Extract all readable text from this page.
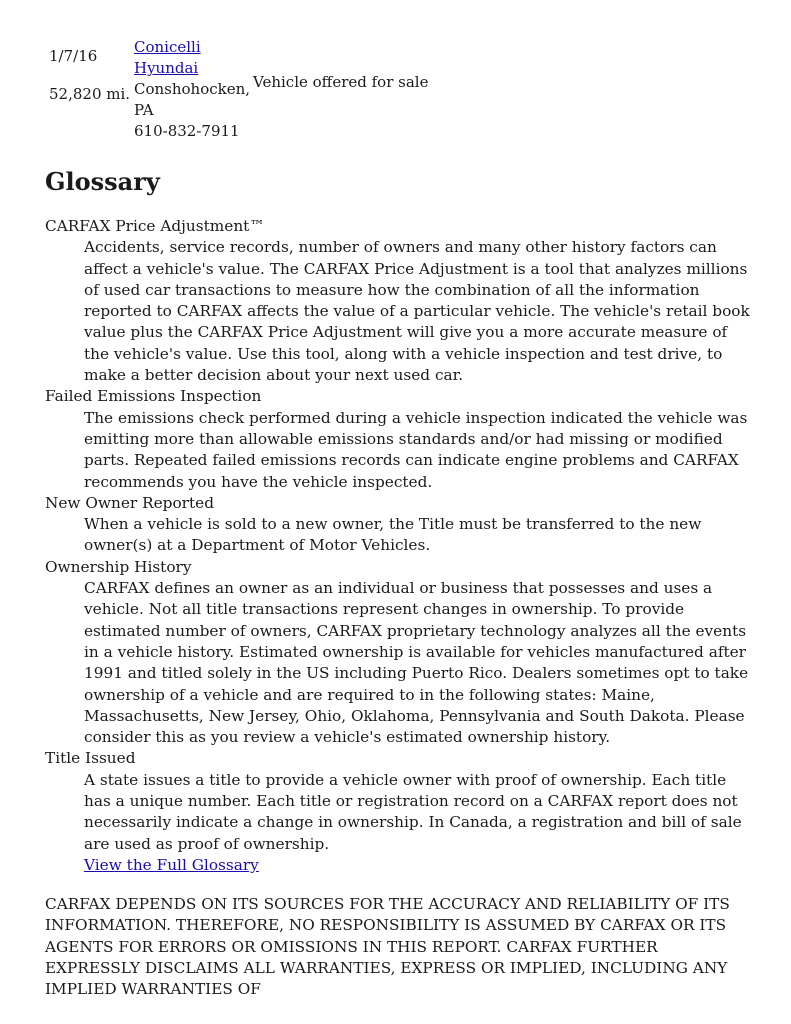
1/7/16
52,820 mi.
Conicelli
Hyundai
Conshohocken,
PA
610-832-7911
Vehicle offered for sale
Glossary
CARFAX Price Adjustment™
Accidents, service records, number of owners and many other history factors can affect a vehicle's value. The CARFAX Price Adjustment is a tool that analyzes millions of used car transactions to measure how the combination of all the information reported to CARFAX affects the value of a particular vehicle. The vehicle's retail book value plus the CARFAX Price Adjustment will give you a more accurate measure of the vehicle's value. Use this tool, along with a vehicle inspection and test drive, to make a better decision about your next used car.
Failed Emissions Inspection
The emissions check performed during a vehicle inspection indicated the vehicle was emitting more than allowable emissions standards and/or had missing or modified parts. Repeated failed emissions records can indicate engine problems and CARFAX recommends you have the vehicle inspected.
New Owner Reported
When a vehicle is sold to a new owner, the Title must be transferred to the new owner(s) at a Department of Motor Vehicles.
Ownership History
CARFAX defines an owner as an individual or business that possesses and uses a vehicle. Not all title transactions represent changes in ownership. To provide estimated number of owners, CARFAX proprietary technology analyzes all the events in a vehicle history. Estimated ownership is available for vehicles manufactured after 1991 and titled solely in the US including Puerto Rico. Dealers sometimes opt to take ownership of a vehicle and are required to in the following states: Maine, Massachusetts, New Jersey, Ohio, Oklahoma, Pennsylvania and South Dakota. Please consider this as you review a vehicle's estimated ownership history.
Title Issued
A state issues a title to provide a vehicle owner with proof of ownership. Each title has a unique number. Each title or registration record on a CARFAX report does not necessarily indicate a change in ownership. In Canada, a registration and bill of sale are used as proof of ownership.
View the Full Glossary

CARFAX DEPENDS ON ITS SOURCES FOR THE ACCURACY AND RELIABILITY OF ITS INFORMATION. THEREFORE, NO RESPONSIBILITY IS ASSUMED BY CARFAX OR ITS AGENTS FOR ERRORS OR OMISSIONS IN THIS REPORT. CARFAX FURTHER EXPRESSLY DISCLAIMS ALL WARRANTIES, EXPRESS OR IMPLIED, INCLUDING ANY IMPLIED WARRANTIES OF
